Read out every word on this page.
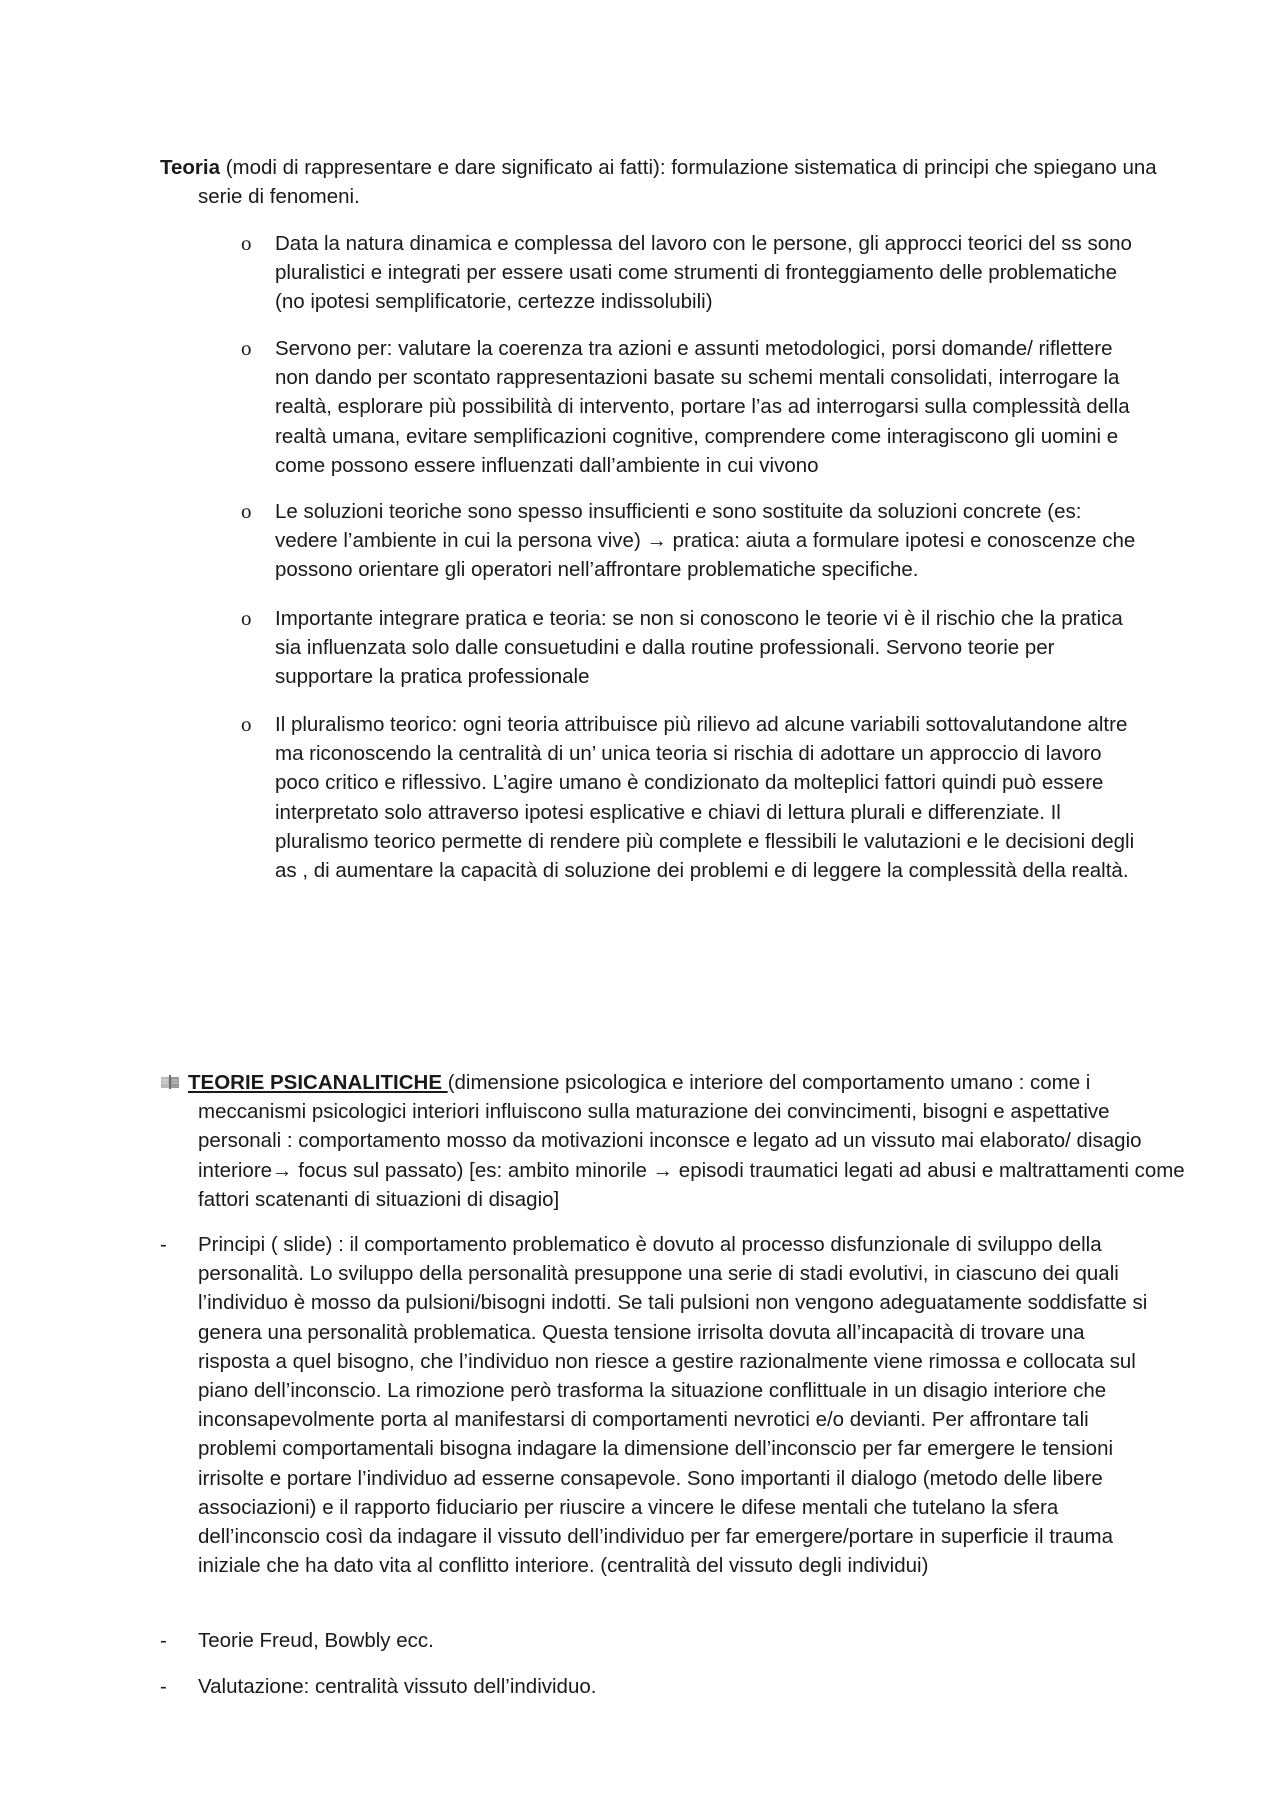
Teoria (modi di rappresentare e dare significato ai fatti): formulazione sistematica di principi che spiegano una serie di fenomeni.

o Data la natura dinamica e complessa del lavoro con le persone, gli approcci teorici del ss sono pluralistici e integrati per essere usati come strumenti di fronteggiamento delle problematiche (no ipotesi semplificatorie, certezze indissolubili)
o Servono per: valutare la coerenza tra azioni e assunti metodologici, porsi domande/ riflettere non dando per scontato rappresentazioni basate su schemi mentali consolidati, interrogare la realtà, esplorare più possibilità di intervento, portare l’as ad interrogarsi sulla complessità della realtà umana, evitare semplificazioni cognitive, comprendere come interagiscono gli uomini e come possono essere influenzati dall’ambiente in cui vivono
o Le soluzioni teoriche sono spesso insufficienti e sono sostituite da soluzioni concrete (es: vedere l’ambiente in cui la persona vive) → pratica: aiuta a formulare ipotesi e conoscenze che possono orientare gli operatori nell’affrontare problematiche specifiche.
o Importante integrare pratica e teoria: se non si conoscono le teorie vi è il rischio che la pratica sia influenzata solo dalle consuetudini e dalla routine professionali. Servono teorie per supportare la pratica professionale
o Il pluralismo teorico: ogni teoria attribuisce più rilievo ad alcune variabili sottovalutandone altre ma riconoscendo la centralità di un’ unica teoria si rischia di adottare un approccio di lavoro poco critico e riflessivo. L’agire umano è condizionato da molteplici fattori quindi può essere interpretato solo attraverso ipotesi esplicative e chiavi di lettura plurali e differenziate. Il pluralismo teorico permette di rendere più complete e flessibili le valutazioni e le decisioni degli as , di aumentare la capacità di soluzione dei problemi e di leggere la complessità della realtà.

TEORIE PSICANALITICHE (dimensione psicologica e interiore del comportamento umano : come i meccanismi psicologici interiori influiscono sulla maturazione dei convincimenti, bisogni e aspettative personali : comportamento mosso da motivazioni inconsce e legato ad un vissuto mai elaborato/ disagio interiore→ focus sul passato) [es: ambito minorile → episodi traumatici legati ad abusi e maltrattamenti come fattori scatenanti di situazioni di disagio]

- Principi ( slide) : il comportamento problematico è dovuto al processo disfunzionale di sviluppo della personalità. Lo sviluppo della personalità presuppone una serie di stadi evolutivi, in ciascuno dei quali l’individuo è mosso da pulsioni/bisogni indotti. Se tali pulsioni non vengono adeguatamente soddisfatte si genera una personalità problematica. Questa tensione irrisolta dovuta all’incapacità di trovare una risposta a quel bisogno, che l’individuo non riesce a gestire razionalmente viene rimossa e collocata sul piano dell’inconscio. La rimozione però trasforma la situazione conflittuale in un disagio interiore che inconsapevolmente porta al manifestarsi di comportamenti nevrotici e/o devianti. Per affrontare tali problemi comportamentali bisogna indagare la dimensione dell’inconscio per far emergere le tensioni irrisolte e portare l’individuo ad esserne consapevole. Sono importanti il dialogo (metodo delle libere associazioni) e il rapporto fiduciario per riuscire a vincere le difese mentali che tutelano la sfera dell’inconscio così da indagare il vissuto dell’individuo per far emergere/portare in superficie il trauma iniziale che ha dato vita al conflitto interiore. (centralità del vissuto degli individui)
- Teorie Freud, Bowbly ecc.
- Valutazione: centralità vissuto dell’individuo.
